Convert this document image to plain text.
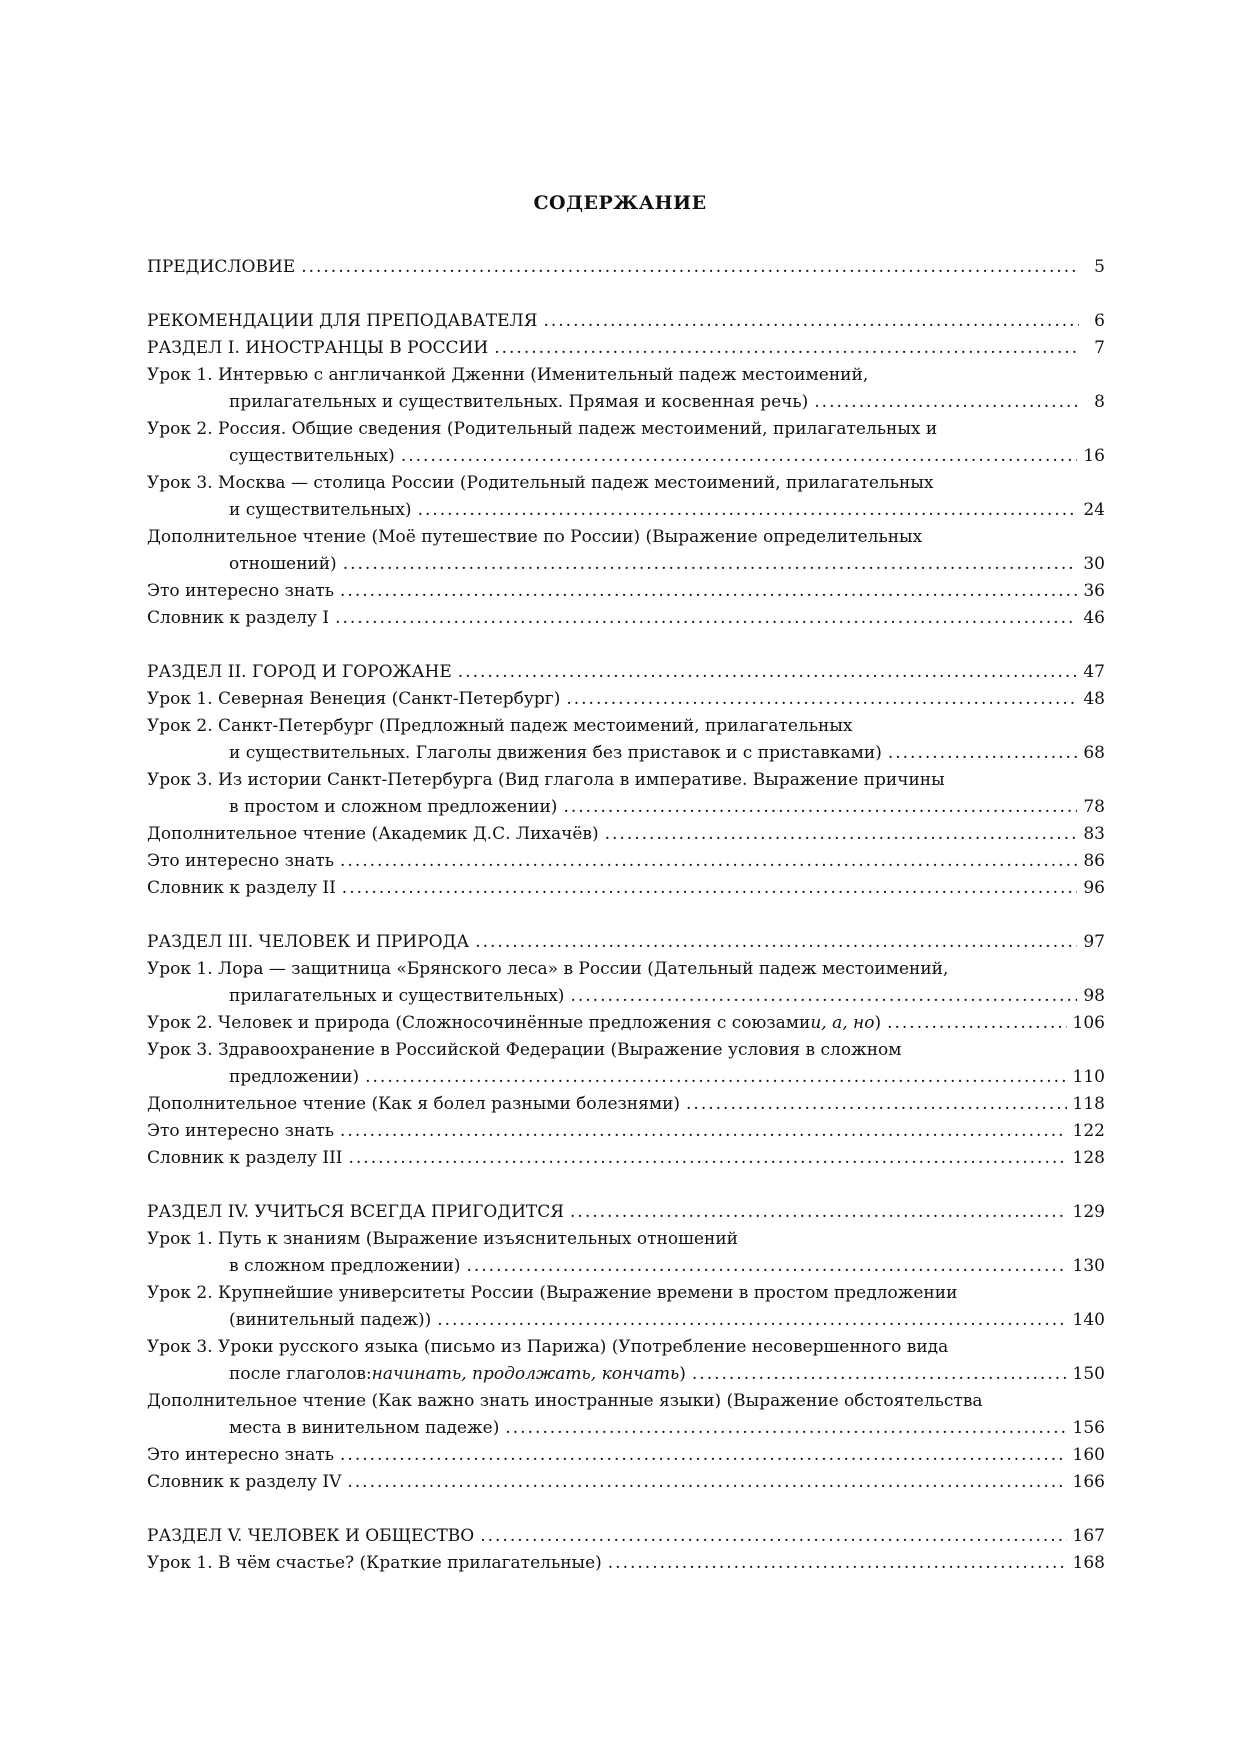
СОДЕРЖАНИЕ
ПРЕДИСЛОВИЕ .....	5
РЕКОМЕНДАЦИИ ДЛЯ ПРЕПОДАВАТЕЛЯ .....	6
РАЗДЕЛ I. ИНОСТРАНЦЫ В РОССИИ .....	7
Урок 1. Интервью с англичанкой Дженни (Именительный падеж местоимений,
прилагательных и существительных. Прямая и косвенная речь) .....	8
Урок 2. Россия. Общие сведения (Родительный падеж местоимений, прилагательных и
существительных) .....	16
Урок 3. Москва — столица России (Родительный падеж местоимений, прилагательных
и существительных) .....	24
Дополнительное чтение (Моё путешествие по России) (Выражение определительных
отношений) .....	30
Это интересно знать .....	36
Словник к разделу I .....	46
РАЗДЕЛ II. ГОРОД И ГОРОЖАНЕ .....	47
Урок 1. Северная Венеция (Санкт-Петербург) .....	48
Урок 2. Санкт-Петербург (Предложный падеж местоимений, прилагательных
и существительных. Глаголы движения без приставок и с приставками) .....	68
Урок 3. Из истории Санкт-Петербурга (Вид глагола в императиве. Выражение причины
в простом и сложном предложении) .....	78
Дополнительное чтение (Академик Д.С. Лихачёв) .....	83
Это интересно знать .....	86
Словник к разделу II .....	96
РАЗДЕЛ III. ЧЕЛОВЕК И ПРИРОДА .....	97
Урок 1. Лора — защитница «Брянского леса» в России (Дательный падеж местоимений,
прилагательных и существительных) .....	98
Урок 2. Человек и природа (Сложносочинённые предложения с союзами и, а, но ) .....	106
Урок 3. Здравоохранение в Российской Федерации (Выражение условия в сложном
предложении) .....	110
Дополнительное чтение (Как я болел разными болезнями) .....	118
Это интересно знать .....	122
Словник к разделу III .....	128
РАЗДЕЛ IV. УЧИТЬСЯ ВСЕГДА ПРИГОДИТСЯ .....	129
Урок 1. Путь к знаниям (Выражение изъяснительных отношений
в сложном предложении) .....	130
Урок 2. Крупнейшие университеты России (Выражение времени в простом предложении
(винительный падеж)) .....	140
Урок 3. Уроки русского языка (письмо из Парижа) (Употребление несовершенного вида
после глаголов: начинать, продолжать, кончать ) .....	150
Дополнительное чтение (Как важно знать иностранные языки) (Выражение обстоятельства
места в винительном падеже) .....	156
Это интересно знать .....	160
Словник к разделу IV .....	166
РАЗДЕЛ V. ЧЕЛОВЕК И ОБЩЕСТВО .....	167
Урок 1. В чём счастье? (Краткие прилагательные) .....	168
